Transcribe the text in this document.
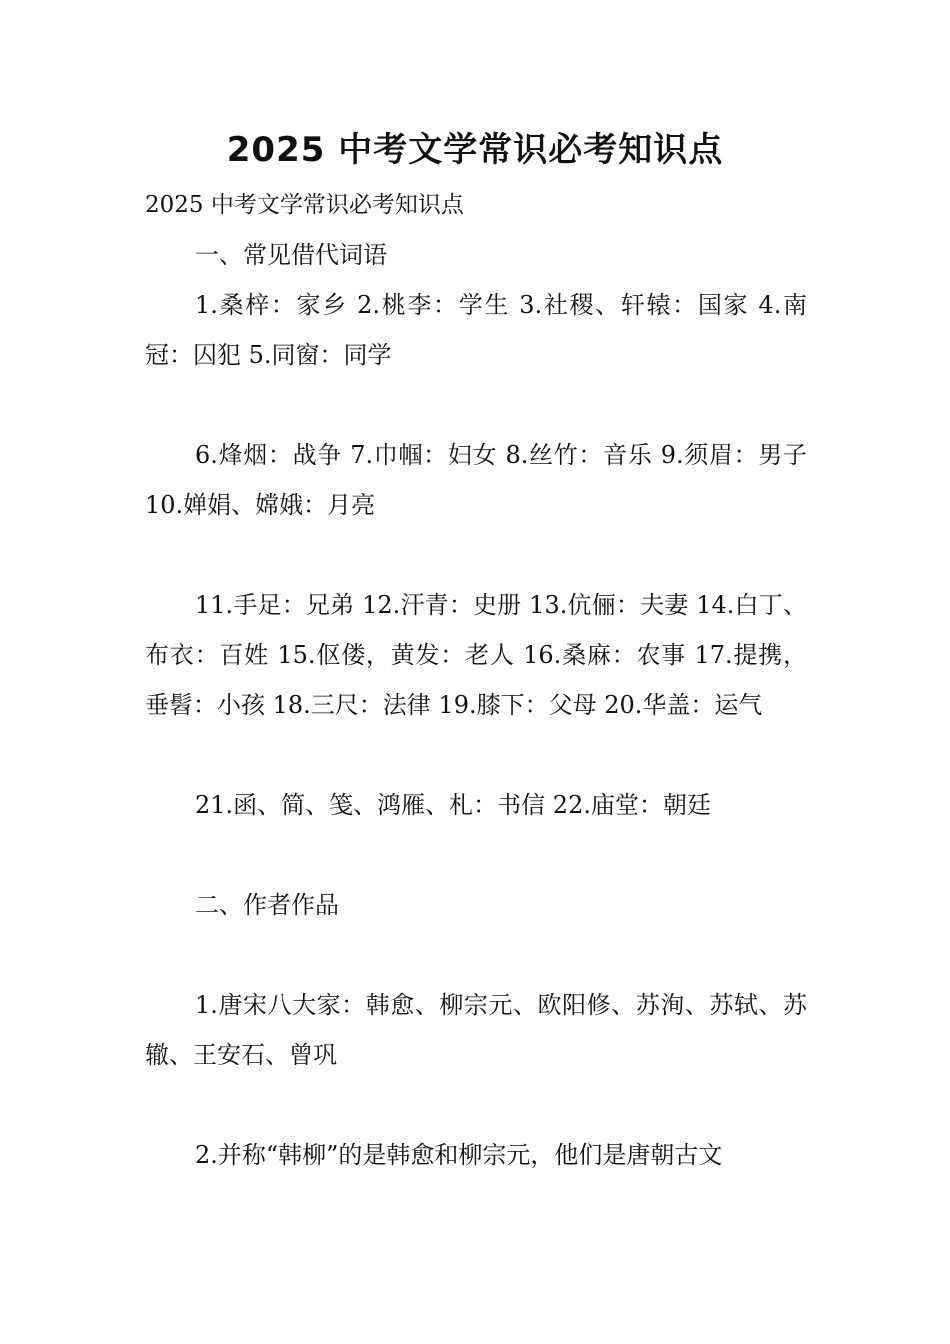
2025 中考文学常识必考知识点

2025 中考文学常识必考知识点

一、常见借代词语

1.桑梓：家乡 2.桃李：学生 3.社稷、轩辕：国家 4.南冠：囚犯 5.同窗：同学

6.烽烟：战争 7.巾帼：妇女 8.丝竹：音乐 9.须眉：男子 10.婵娟、嫦娥：月亮

11.手足：兄弟 12.汗青：史册 13.伉俪：夫妻 14.白丁、布衣：百姓 15.伛偻，黄发：老人 16.桑麻：农事 17.提携，垂髫：小孩 18.三尺：法律 19.膝下：父母 20.华盖：运气

21.函、简、笺、鸿雁、札：书信 22.庙堂：朝廷

二、作者作品

1.唐宋八大家：韩愈、柳宗元、欧阳修、苏洵、苏轼、苏辙、王安石、曾巩

2.并称“韩柳”的是韩愈和柳宗元，他们是唐朝古文
